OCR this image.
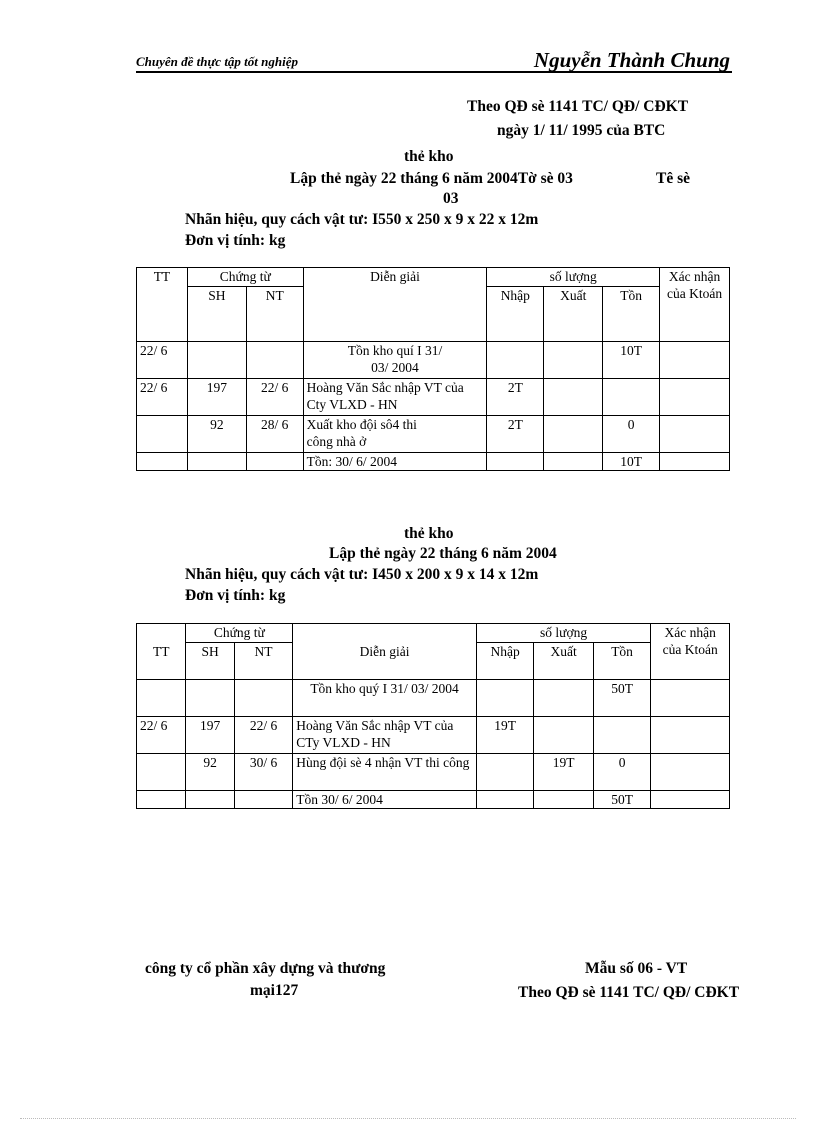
Chuyên đề thực tập tốt nghiệp	Nguyễn Thành Chung
Theo QĐ sè 1141 TC/ QĐ/ CĐKT
ngày 1/ 11/ 1995 của BTC
thẻ kho
Lập thẻ ngày 22 tháng 6 năm 2004Tờ sè 03	Tê sè
03
Nhãn hiệu, quy cách vật tư: I550 x 250 x 9 x 22 x 12m
Đơn vị tính: kg
TT	Chứng từ		Diễn giải	số lượng			Xác nhận của Ktoán
	SH	NT		Nhập	Xuất	Tồn	
22/ 6			Tồn kho quí I 31/ 03/ 2004			10T	
22/ 6	197	22/ 6	Hoàng Văn Sắc nhập VT của Cty VLXD - HN	2T			
	92	28/ 6	Xuất kho đội sô4 thi công nhà ở	2T		0	
			Tồn: 30/ 6/ 2004			10T	
thẻ kho
Lập thẻ ngày 22 tháng 6 năm 2004
Nhãn hiệu, quy cách vật tư: I450 x 200 x 9 x 14 x 12m
Đơn vị tính: kg
TT	Chứng từ		Diễn giải	số lượng			Xác nhận của Ktoán
	SH	NT		Nhập	Xuất	Tồn	
			Tồn kho quý I 31/ 03/ 2004			50T	
22/ 6	197	22/ 6	Hoàng Văn Sắc nhập VT của CTy VLXD - HN	19T			
	92	30/ 6	Hùng đội sè 4 nhận VT thi công		19T	0	
			Tồn 30/ 6/ 2004			50T	
công ty cổ phần xây dựng và thương
mại127
Mẫu số 06 - VT
Theo QĐ sè 1141 TC/ QĐ/ CĐKT
